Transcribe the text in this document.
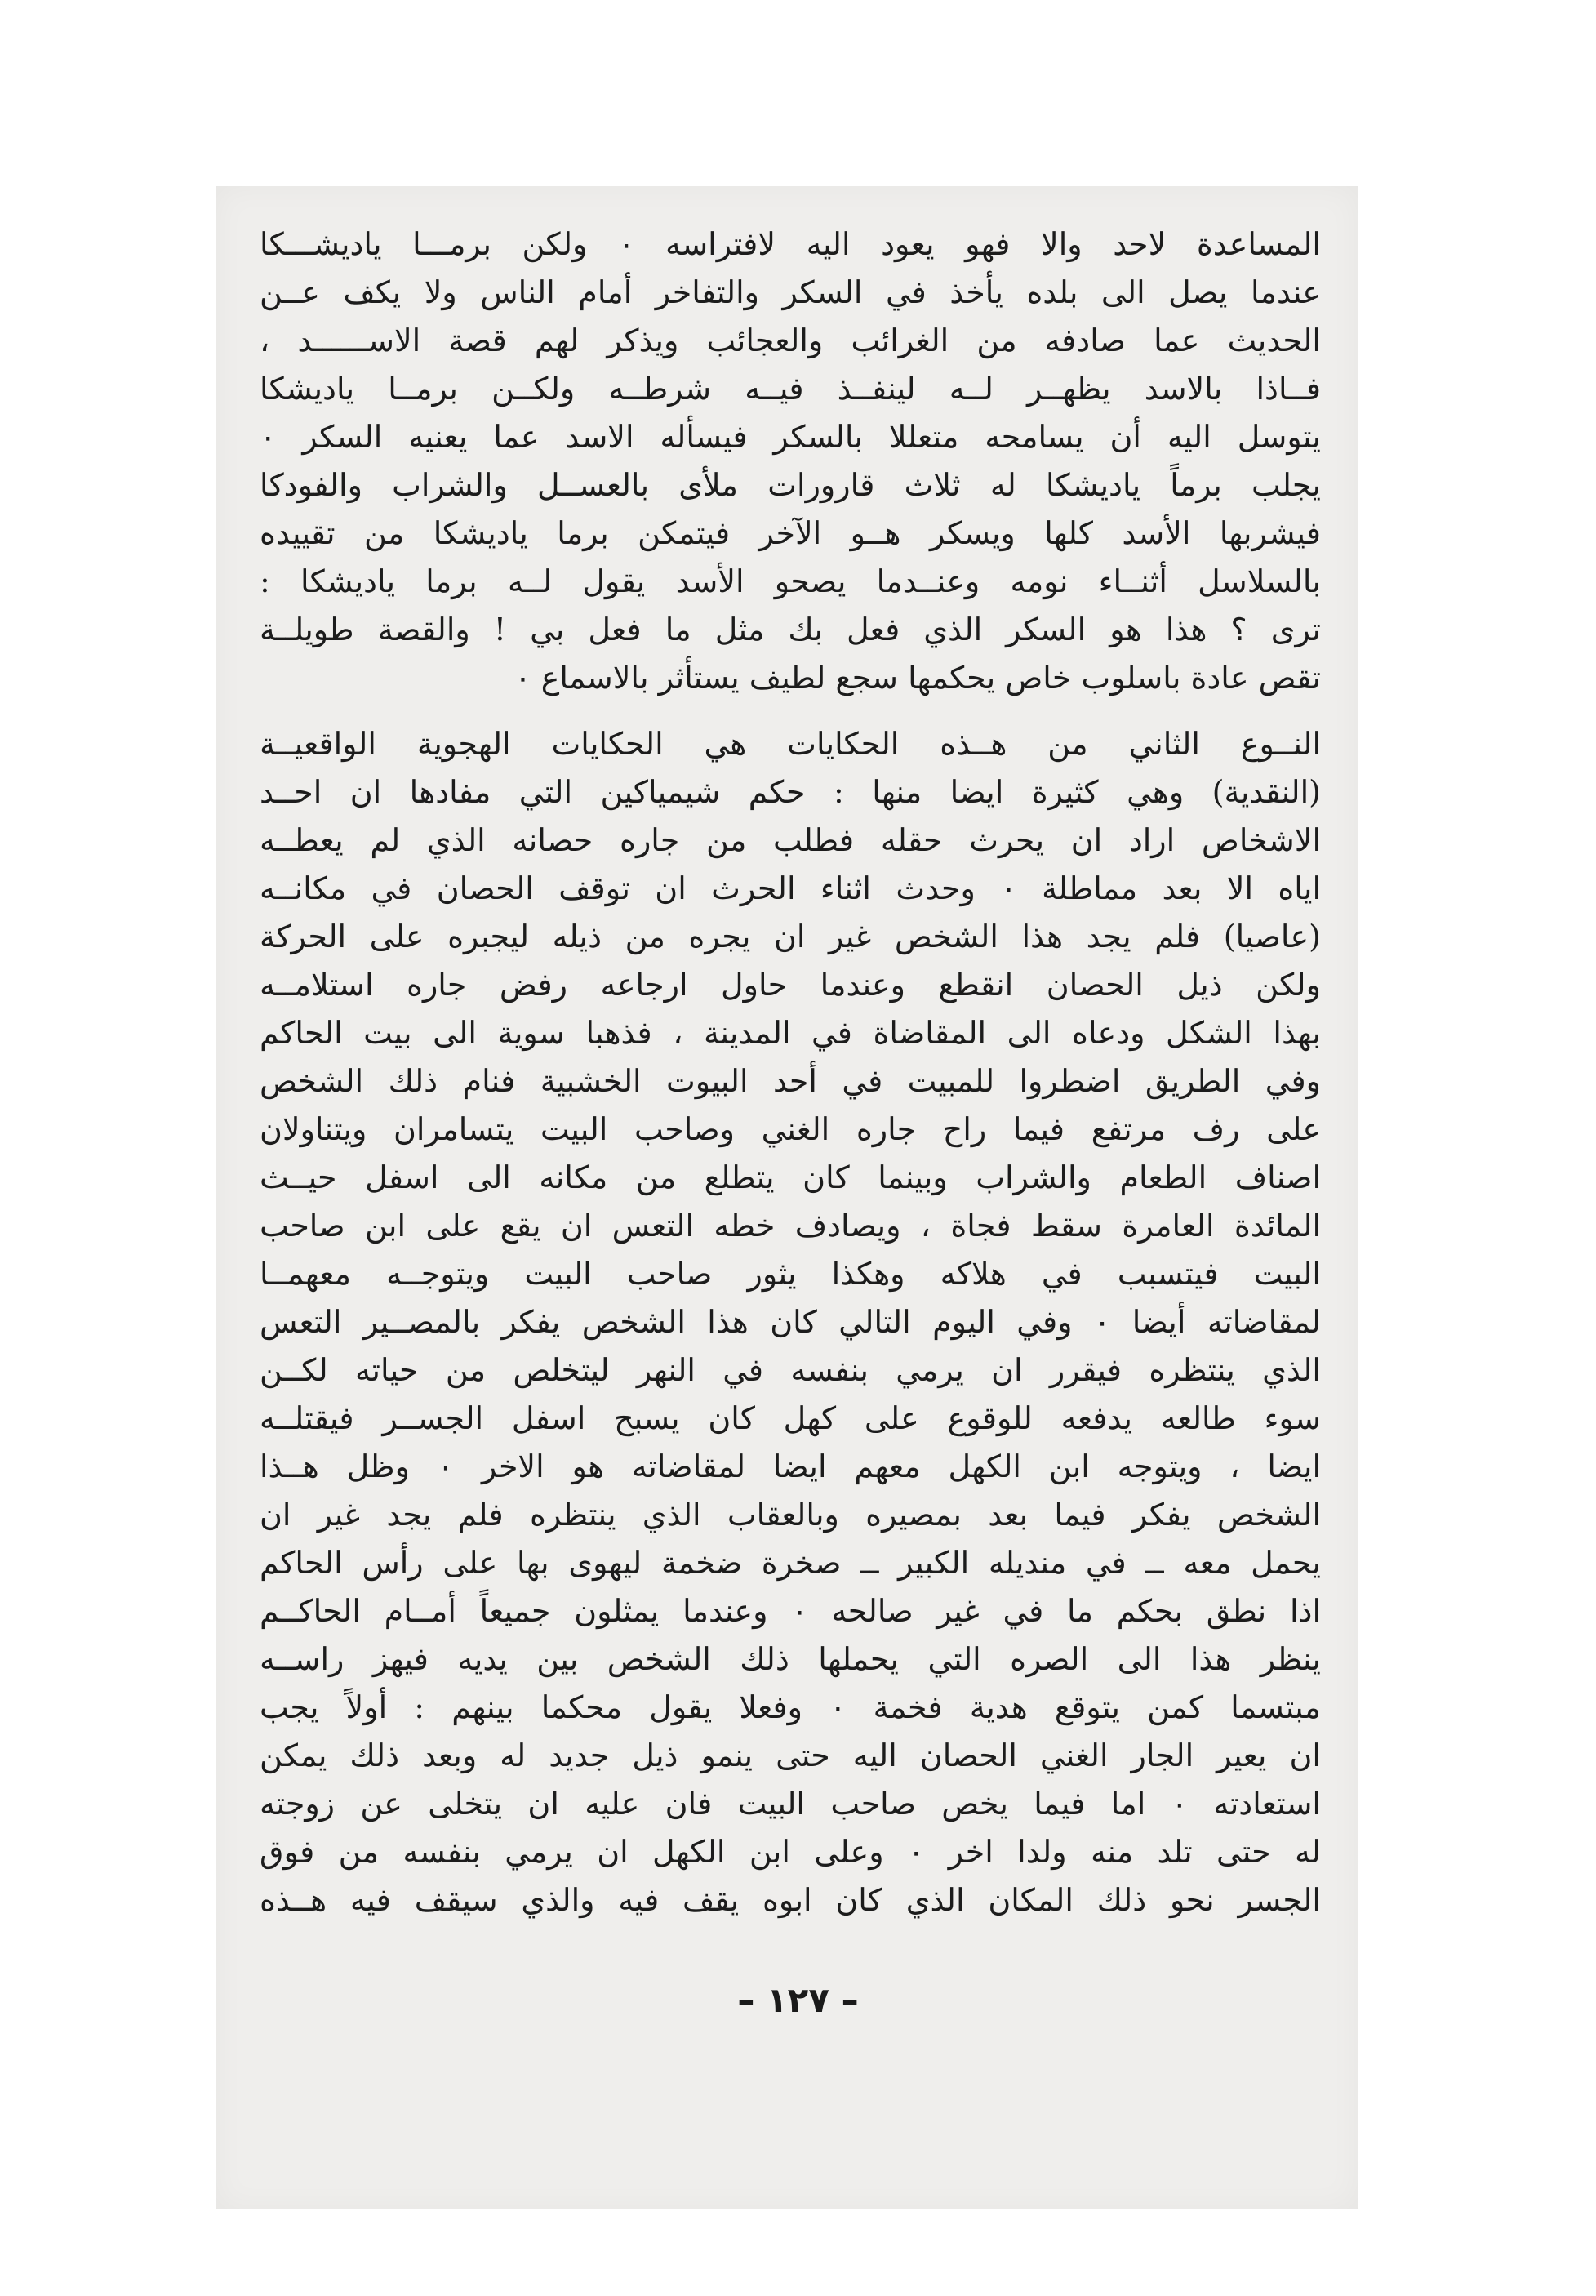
المساعدة لاحد والا فهو يعود اليه لافتراسه ٠ ولكن برمـــا ياديشـــكا
عندما يصل الى بلده يأخذ في السكر والتفاخر أمام الناس ولا يكف عــن
الحديث عما صادفه من الغرائب والعجائب ويذكر لهم قصة الاســــــد ،
فــاذا بالاسد يظهــر لــه لينفــذ فيــه شرطــه ولكــن برمــا ياديشكا
يتوسل اليه أن يسامحه متعللا بالسكر فيسأله الاسد عما يعنيه السكر ٠
يجلب برماً ياديشكا له ثلاث قارورات ملأى بالعســل والشراب والفودكا
فيشربها الأسد كلها ويسكر هــو الآخر فيتمكن برما ياديشكا من تقييده
بالسلاسل أثنــاء نومه وعنــدما يصحو الأسد يقول لــه برما ياديشكا :
ترى ؟ هذا هو السكر الذي فعل بك مثل ما فعل بي ! والقصة طويلــة
تقص عادة باسلوب خاص يحكمها سجع لطيف يستأثر بالاسماع ٠
النــوع الثاني من هــذه الحكايات هي الحكايات الهجوية الواقعيــة
(النقدية) وهي كثيرة ايضا منها : حكم شيمياكين التي مفادها ان احــد
الاشخاص اراد ان يحرث حقله فطلب من جاره حصانه الذي لم يعطــه
اياه الا بعد مماطلة ٠ وحدث اثناء الحرث ان توقف الحصان في مكانــه
(عاصيا) فلم يجد هذا الشخص غير ان يجره من ذيله ليجبره على الحركة
ولكن ذيل الحصان انقطع وعندما حاول ارجاعه رفض جاره استلامــه
بهذا الشكل ودعاه الى المقاضاة في المدينة ، فذهبا سوية الى بيت الحاكم
وفي الطريق اضطروا للمبيت في أحد البيوت الخشبية فنام ذلك الشخص
على رف مرتفع فيما راح جاره الغني وصاحب البيت يتسامران ويتناولان
اصناف الطعام والشراب وبينما كان يتطلع من مكانه الى اسفل حيــث
المائدة العامرة سقط فجاة ، ويصادف خطه التعس ان يقع على ابن صاحب
البيت فيتسبب في هلاكه وهكذا يثور صاحب البيت ويتوجــه معهمــا
لمقاضاته أيضا ٠ وفي اليوم التالي كان هذا الشخص يفكر بالمصــير التعس
الذي ينتظره فيقرر ان يرمي بنفسه في النهر ليتخلص من حياته لكــن
سوء طالعه يدفعه للوقوع على كهل كان يسبح اسفل الجســر فيقتلــه
ايضا ، ويتوجه ابن الكهل معهم ايضا لمقاضاته هو الاخر ٠ وظل هــذا
الشخص يفكر فيما بعد بمصيره وبالعقاب الذي ينتظره فلم يجد غير ان
يحمل معه ــ في منديله الكبير ــ صخرة ضخمة ليهوى بها على رأس الحاكم
اذا نطق بحكم ما في غير صالحه ٠ وعندما يمثلون جميعاً أمــام الحاكــم
ينظر هذا الى الصره التي يحملها ذلك الشخص بين يديه فيهز راســه
مبتسما كمن يتوقع هدية فخمة ٠ وفعلا يقول محكما بينهم : أولاً يجب
ان يعير الجار الغني الحصان اليه حتى ينمو ذيل جديد له وبعد ذلك يمكن
استعادته ٠ اما فيما يخص صاحب البيت فان عليه ان يتخلى عن زوجته
له حتى تلد منه ولدا اخر ٠ وعلى ابن الكهل ان يرمي بنفسه من فوق
الجسر نحو ذلك المكان الذي كان ابوه يقف فيه والذي سيقف فيه هــذه
– ١٢٧ –
